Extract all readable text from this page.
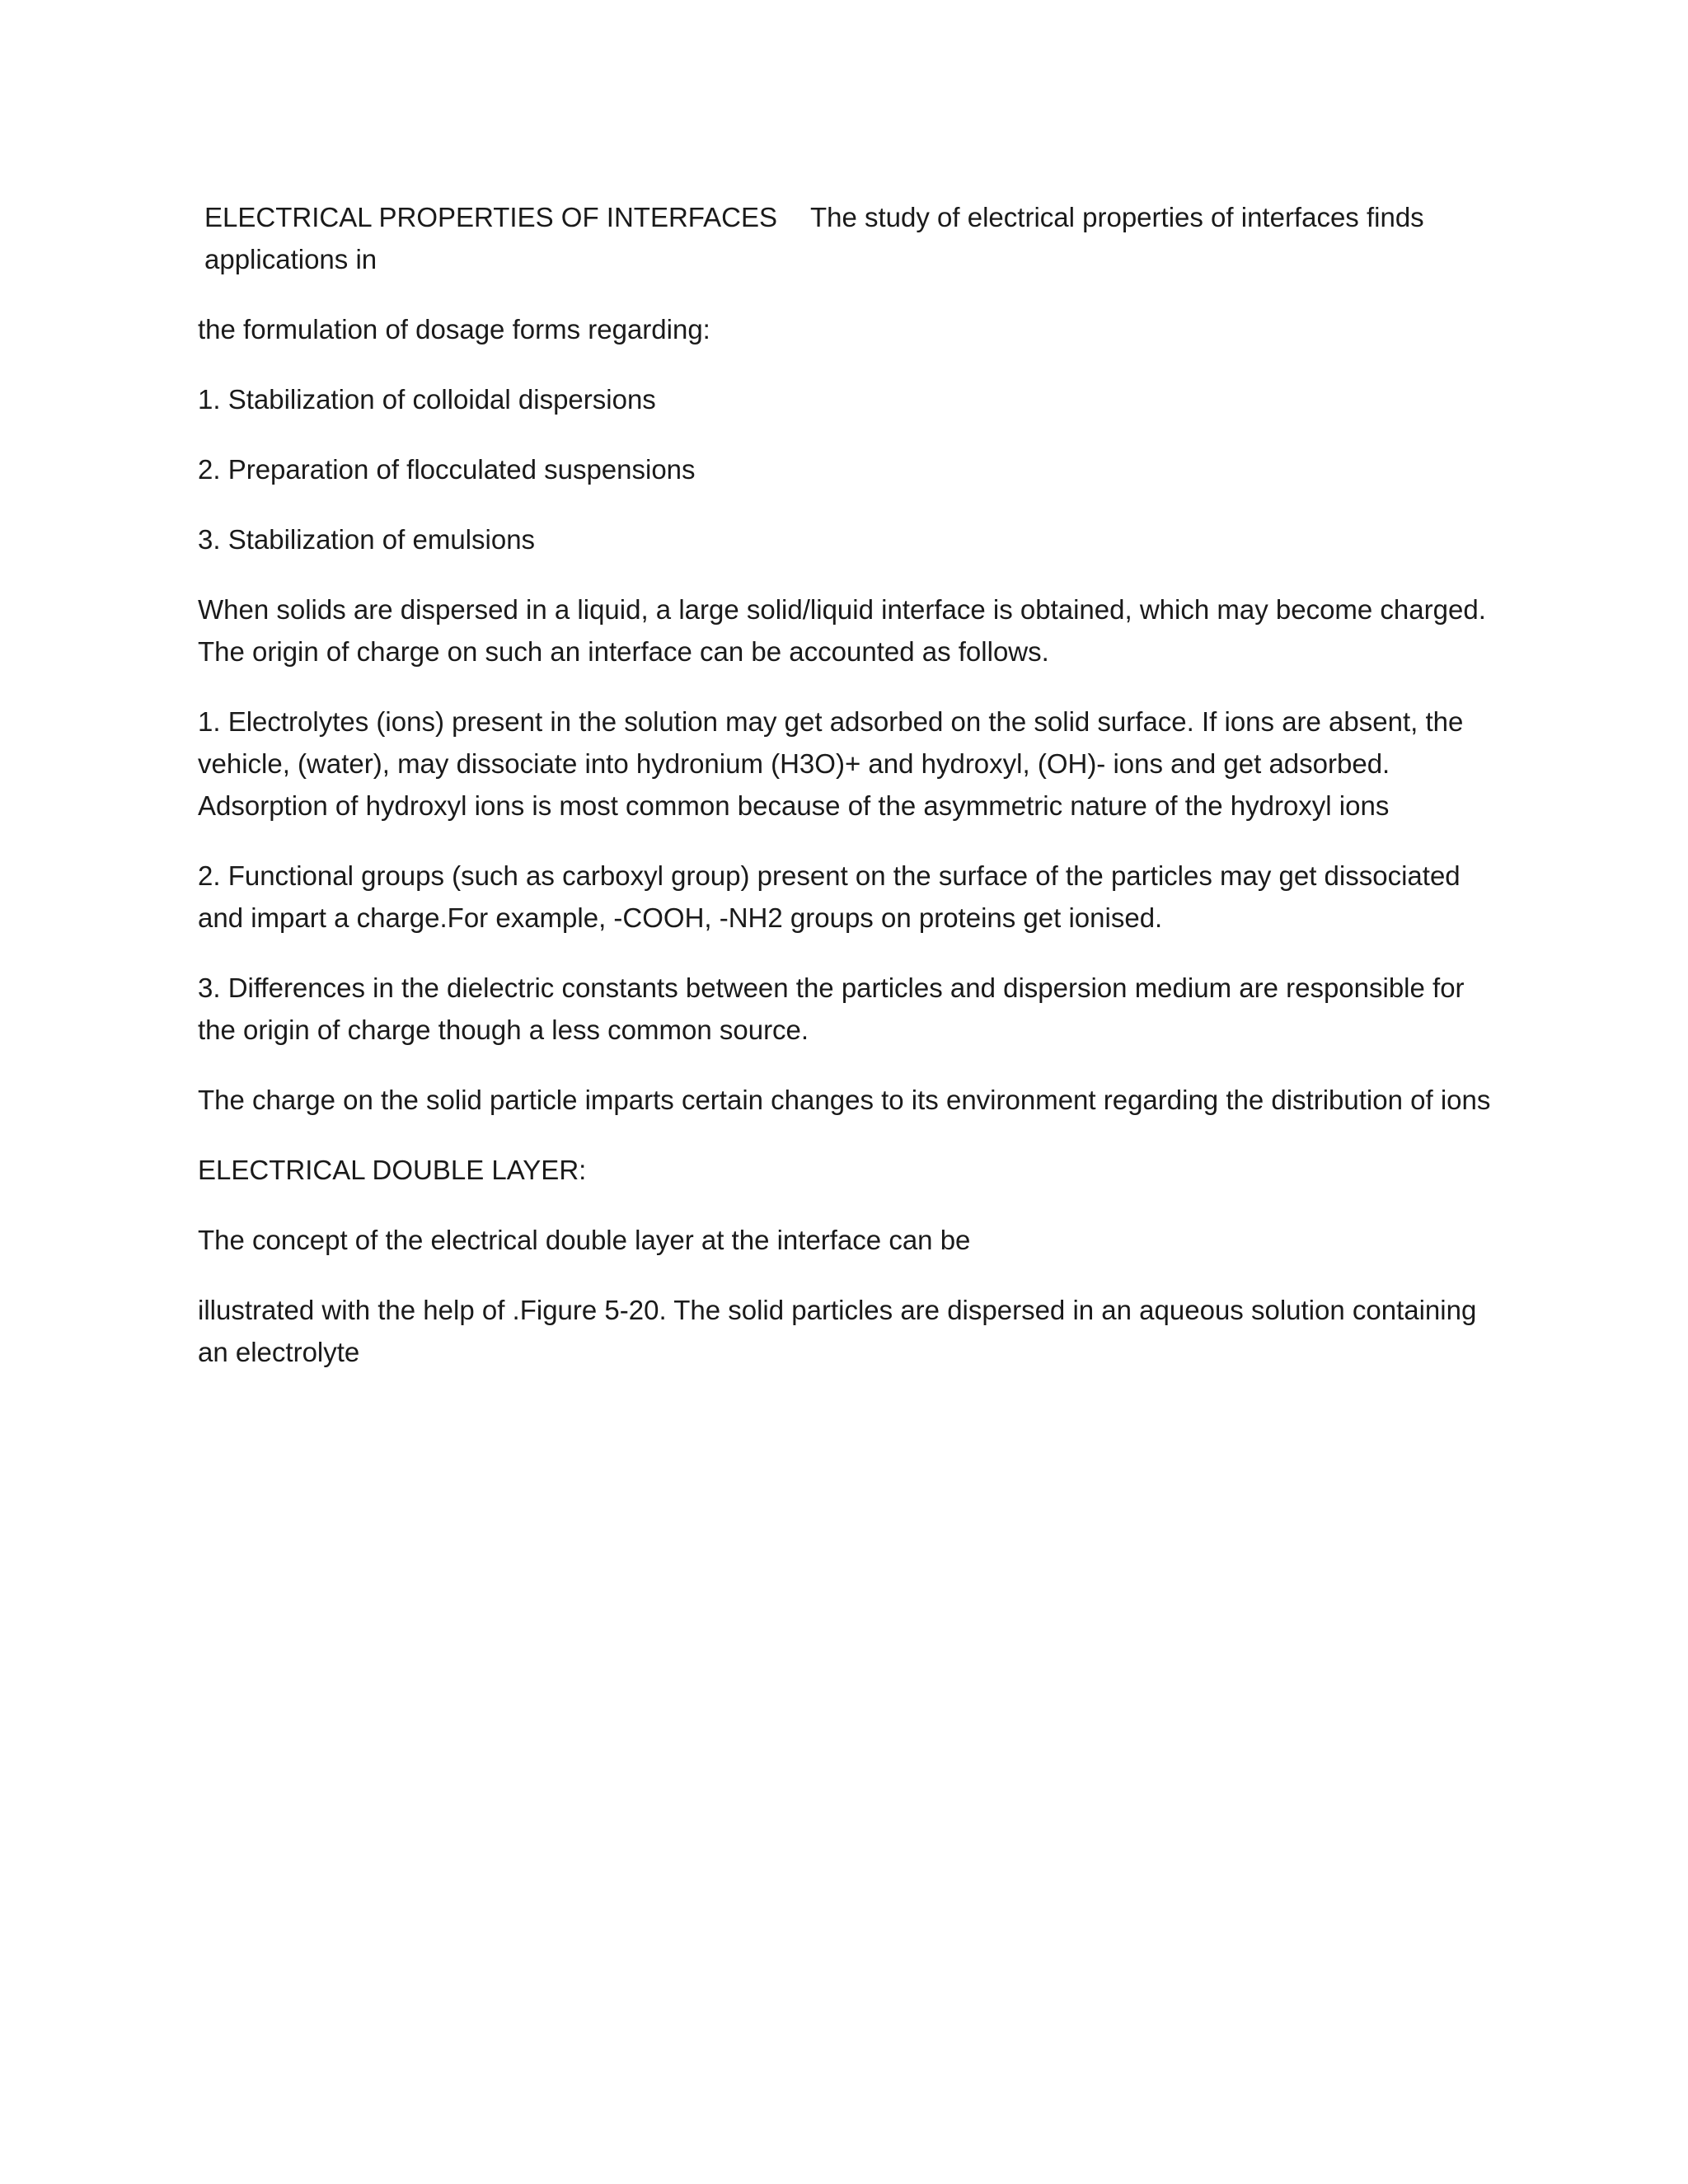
ELECTRICAL PROPERTIES OF INTERFACES The study of electrical properties of interfaces finds applications in

the formulation of dosage forms regarding:

1. Stabilization of colloidal dispersions

2. Preparation of flocculated suspensions

3. Stabilization of emulsions

When solids are dispersed in a liquid, a large solid/liquid interface is obtained, which may become charged. The origin of charge on such an interface can be accounted as follows.

1. Electrolytes (ions) present in the solution may get adsorbed on the solid surface. If ions are absent, the vehicle, (water), may dissociate into hydronium (H3O)+ and hydroxyl, (OH)- ions and get adsorbed. Adsorption of hydroxyl ions is most common because of the asymmetric nature of the hydroxyl ions

2. Functional groups (such as carboxyl group) present on the surface of the particles may get dissociated and impart a charge.For example, -COOH, -NH2 groups on proteins get ionised.

3. Differences in the dielectric constants between the particles and dispersion medium are responsible for the origin of charge though a less common source.

The charge on the solid particle imparts certain changes to its environment regarding the distribution of ions

ELECTRICAL DOUBLE LAYER:

The concept of the electrical double layer at the interface can be

illustrated with the help of .Figure 5-20. The solid particles are dispersed in an aqueous solution containing an electrolyte
